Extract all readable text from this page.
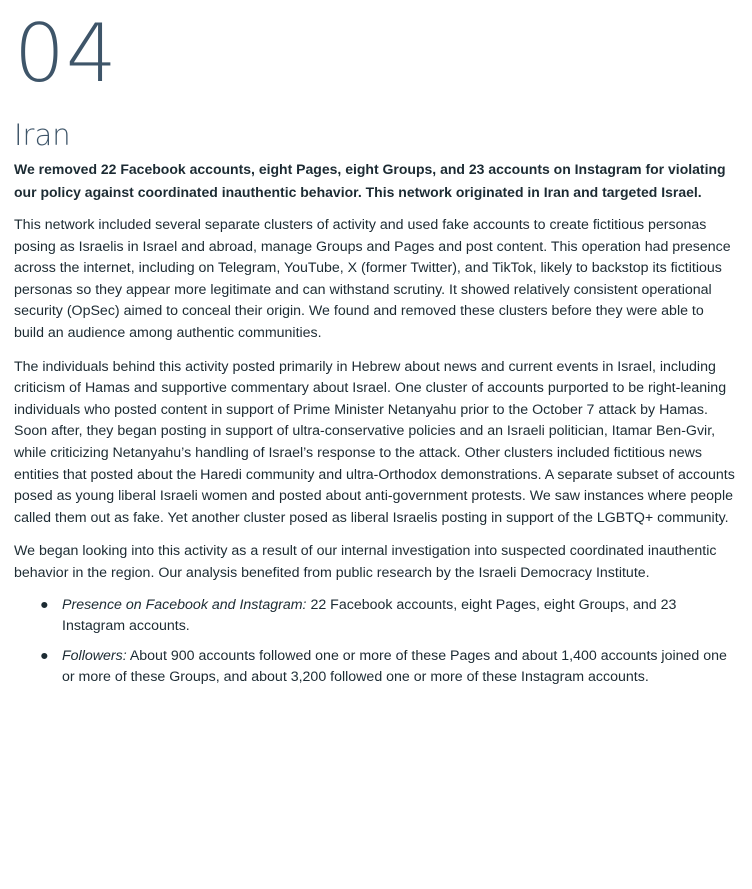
04
Iran

We removed 22 Facebook accounts, eight Pages, eight Groups, and 23 accounts on Instagram for violating our policy against coordinated inauthentic behavior. This network originated in Iran and targeted Israel.

This network included several separate clusters of activity and used fake accounts to create fictitious personas posing as Israelis in Israel and abroad, manage Groups and Pages and post content. This operation had presence across the internet, including on Telegram, YouTube, X (former Twitter), and TikTok, likely to backstop its fictitious personas so they appear more legitimate and can withstand scrutiny. It showed relatively consistent operational security (OpSec) aimed to conceal their origin. We found and removed these clusters before they were able to build an audience among authentic communities.

The individuals behind this activity posted primarily in Hebrew about news and current events in Israel, including criticism of Hamas and supportive commentary about Israel. One cluster of accounts purported to be right-leaning individuals who posted content in support of Prime Minister Netanyahu prior to the October 7 attack by Hamas. Soon after, they began posting in support of ultra-conservative policies and an Israeli politician, Itamar Ben-Gvir, while criticizing Netanyahu’s handling of Israel’s response to the attack. Other clusters included fictitious news entities that posted about the Haredi community and ultra-Orthodox demonstrations. A separate subset of accounts posed as young liberal Israeli women and posted about anti-government protests. We saw instances where people called them out as fake. Yet another cluster posed as liberal Israelis posting in support of the LGBTQ+ community.

We began looking into this activity as a result of our internal investigation into suspected coordinated inauthentic behavior in the region. Our analysis benefited from public research by the Israeli Democracy Institute.

● Presence on Facebook and Instagram: 22 Facebook accounts, eight Pages, eight Groups, and 23 Instagram accounts.
● Followers: About 900 accounts followed one or more of these Pages and about 1,400 accounts joined one or more of these Groups, and about 3,200 followed one or more of these Instagram accounts.
